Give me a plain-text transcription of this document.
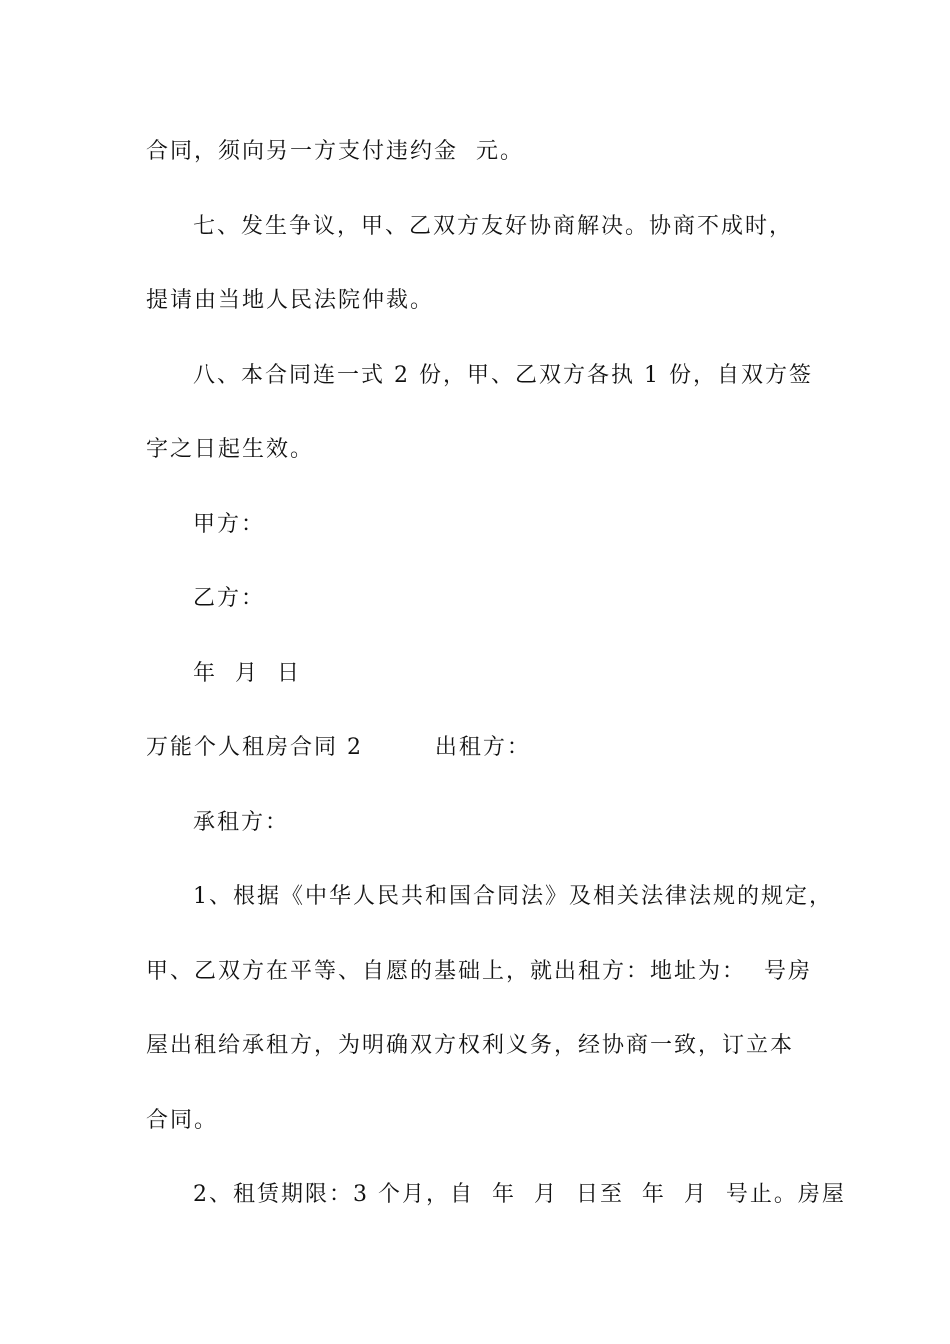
合同，须向另一方支付违约金  元。
七、发生争议，甲、乙双方友好协商解决。协商不成时，
提请由当地人民法院仲裁。
八、本合同连一式 2 份，甲、乙双方各执 1 份，自双方签
字之日起生效。
甲方：
乙方：
年  月  日
万能个人租房合同 2        出租方：
承租方：
1、根据《中华人民共和国合同法》及相关法律法规的规定，
甲、乙双方在平等、自愿的基础上，就出租方：地址为：  号房
屋出租给承租方，为明确双方权利义务，经协商一致，订立本
合同。
2、租赁期限：3 个月，自  年  月  日至  年  月  号止。房屋
